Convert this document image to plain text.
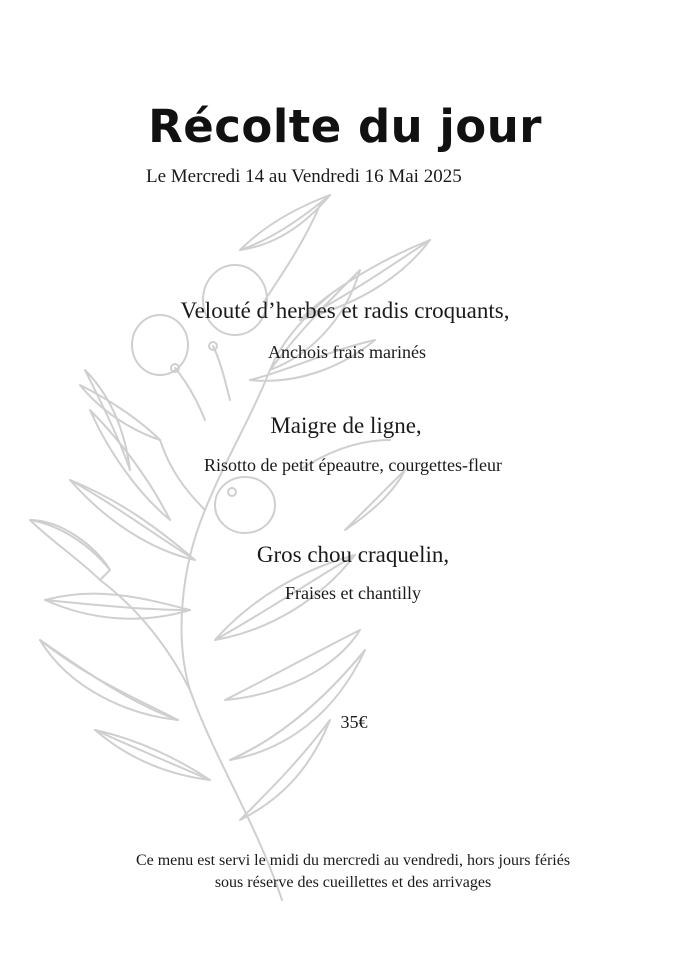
Récolte du jour
Le Mercredi 14 au Vendredi 16 Mai 2025
Velouté d’herbes et radis croquants,
Anchois frais marinés
Maigre de ligne,
Risotto de petit épeautre, courgettes-fleur
Gros chou craquelin,
Fraises et chantilly
35€
Ce menu est servi le midi du mercredi au vendredi, hors jours fériés
sous réserve des cueillettes et des arrivages
